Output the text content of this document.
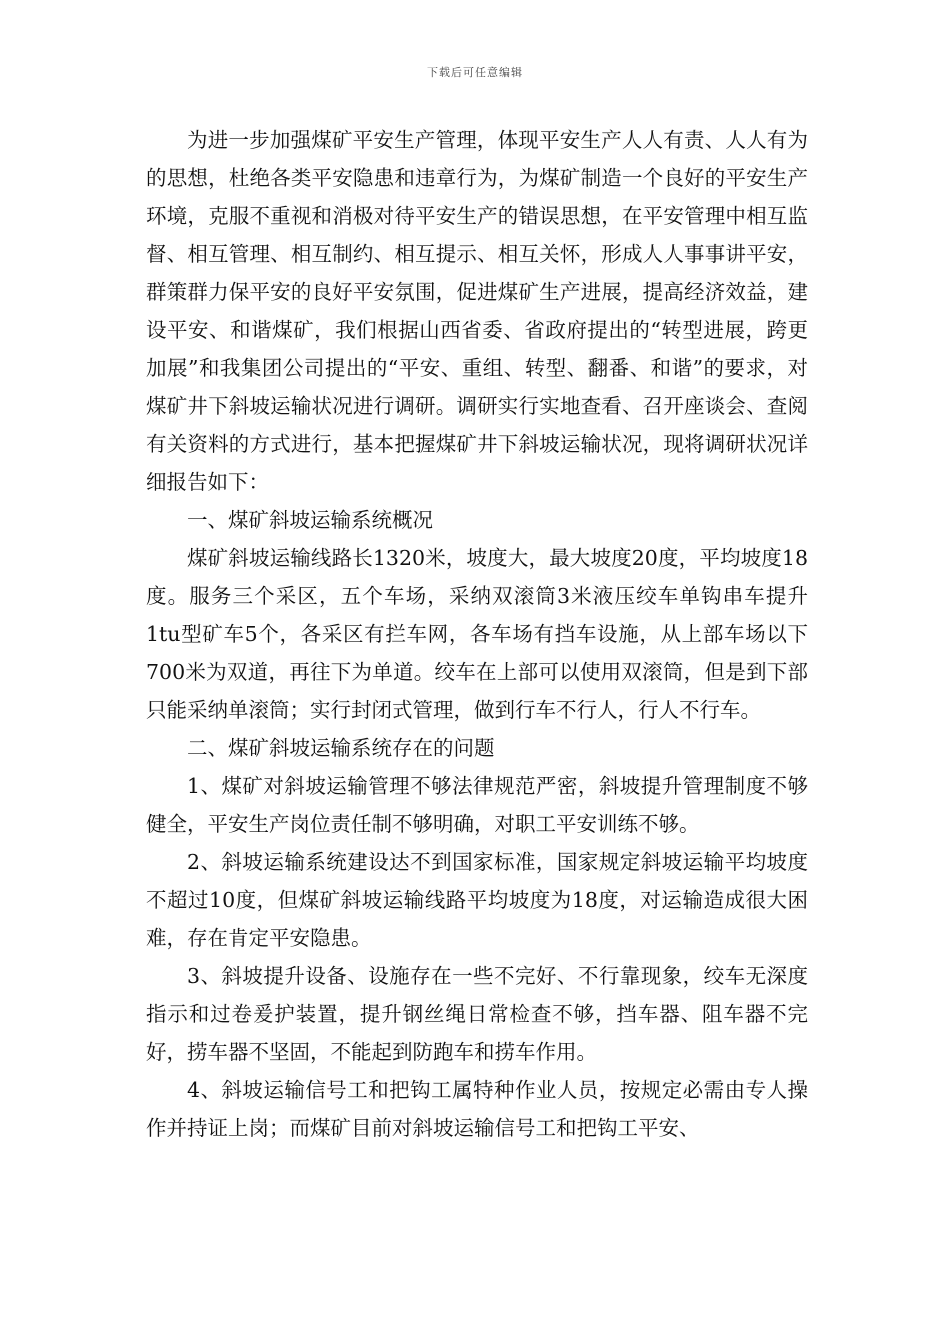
下载后可任意编辑

为进一步加强煤矿平安生产管理，体现平安生产人人有责、人人有为的思想，杜绝各类平安隐患和违章行为，为煤矿制造一个良好的平安生产环境，克服不重视和消极对待平安生产的错误思想，在平安管理中相互监督、相互管理、相互制约、相互提示、相互关怀，形成人人事事讲平安，群策群力保平安的良好平安氛围，促进煤矿生产进展，提高经济效益，建设平安、和谐煤矿，我们根据山西省委、省政府提出的“转型进展，跨更加展”和我集团公司提出的“平安、重组、转型、翻番、和谐”的要求，对煤矿井下斜坡运输状况进行调研。调研实行实地查看、召开座谈会、查阅有关资料的方式进行，基本把握煤矿井下斜坡运输状况，现将调研状况详细报告如下：

一、煤矿斜坡运输系统概况

煤矿斜坡运输线路长1320米，坡度大，最大坡度20度，平均坡度18度。服务三个采区，五个车场，采纳双滚筒3米液压绞车单钩串车提升1tu型矿车5个，各采区有拦车网，各车场有挡车设施，从上部车场以下700米为双道，再往下为单道。绞车在上部可以使用双滚筒，但是到下部只能采纳单滚筒；实行封闭式管理，做到行车不行人，行人不行车。

二、煤矿斜坡运输系统存在的问题

1、煤矿对斜坡运输管理不够法律规范严密，斜坡提升管理制度不够健全，平安生产岗位责任制不够明确，对职工平安训练不够。

2、斜坡运输系统建设达不到国家标准，国家规定斜坡运输平均坡度不超过10度，但煤矿斜坡运输线路平均坡度为18度，对运输造成很大困难，存在肯定平安隐患。

3、斜坡提升设备、设施存在一些不完好、不行靠现象，绞车无深度指示和过卷爰护装置，提升钢丝绳日常检查不够，挡车器、阻车器不完好，捞车器不坚固，不能起到防跑车和捞车作用。

4、斜坡运输信号工和把钩工属特种作业人员，按规定必需由专人操作并持证上岗；而煤矿目前对斜坡运输信号工和把钩工平安、
